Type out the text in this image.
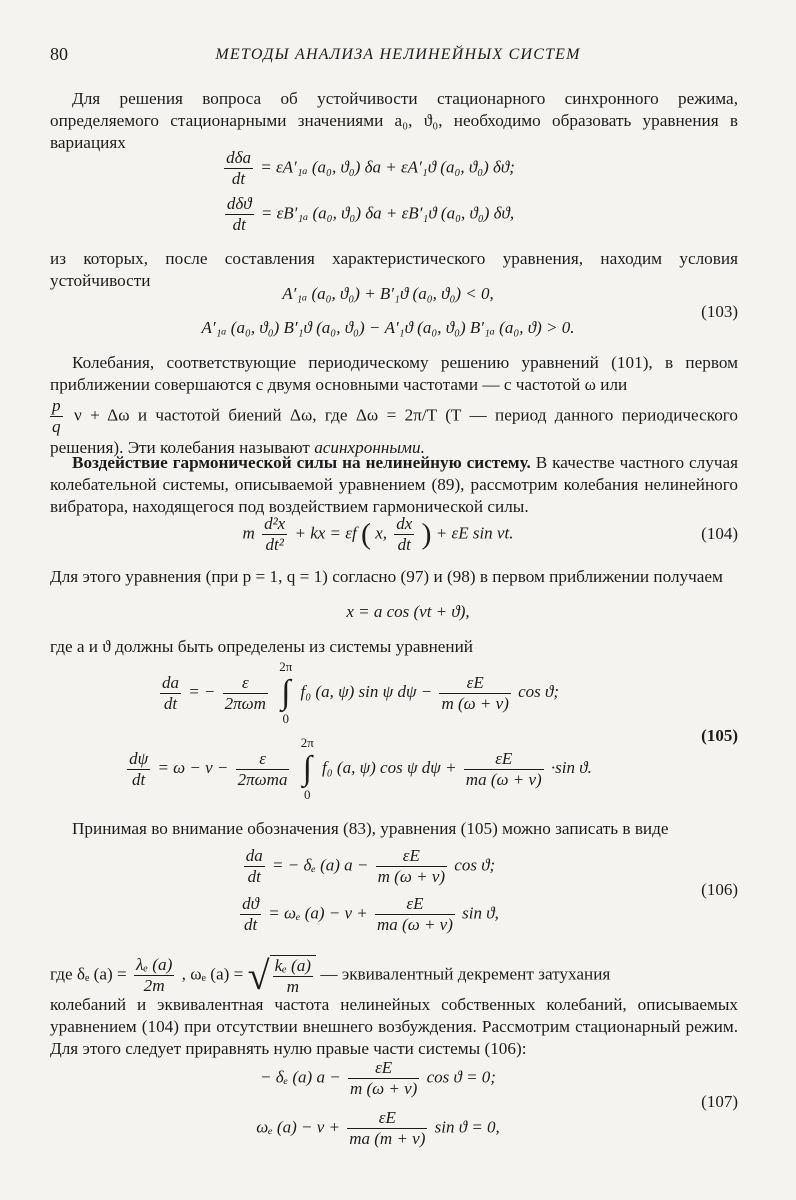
80	МЕТОДЫ АНАЛИЗА НЕЛИНЕЙНЫХ СИСТЕМ
Для решения вопроса об устойчивости стационарного синхронного режима, определяемого стационарными значениями a₀, ϑ₀, необходимо образовать уравнения в вариациях
$\frac{\text{dδa}}{dt} = \varepsilon A'_{1a}$ (a₀, ϑ₀) δa + εA′₁ϑ (a₀, ϑ₀) δϑ;
$\frac{\text{dδϑ}}{dt} = \varepsilon B'_{1a}$ (a₀, ϑ₀) δa + εB′₁ϑ (a₀, ϑ₀) δϑ,
из которых, после составления характеристического уравнения, находим условия устойчивости
A′₁ₐ (a₀, ϑ₀) + B′₁ϑ (a₀, ϑ₀) < 0,
A′₁ₐ (a₀, ϑ₀) B′₁ϑ (a₀, ϑ₀) − A′₁ϑ (a₀, ϑ₀) B′₁ₐ (a₀, ϑ) > 0.
(103)
Колебания, соответствующие периодическому решению уравнений (101), в первом приближении совершаются с двумя основными частотами — с частотой ω или
$\frac{p}{q}$ ν + Δω и частотой биений Δω, где Δω = 2π/T (T — период данного периодического решения). Эти колебания называют асинхронными.
Воздействие гармонической силы на нелинейную систему. В качестве частного случая колебательной системы, описываемой уравнением (89), рассмотрим колебания нелинейного вибратора, находящегося под воздействием гармонической силы.
m $\frac{\text{d²x}}{\text{dt²}}$ + kx = εf ( x, $\frac{dx}{dt}$ ) + εE sin νt.	(104)
Для этого уравнения (при p = 1, q = 1) согласно (97) и (98) в первом приближении получаем
x = a cos (νt + ϑ),
где a и ϑ должны быть определены из системы уравнений
$\frac{da}{dt}$ = − $\frac{\varepsilon}{\text{2πωm}}$

2π
∫
0
f₀ (a, ψ) sin ψ $d\psi - \frac{\varepsilon E}{m (\omega + \nu)}$ cos ϑ;
(105)
$\frac{d\psi}{dt} = \omega - \nu - \frac{\varepsilon}{\text{2πωma}}$

2π
∫
0
f₀ (a, ψ) cos ψ $d\psi + \frac{\varepsilon E}{ma (\omega + \nu)} \cdot\sin$ ϑ.
Принимая во внимание обозначения (83), уравнения (105) можно записать в виде
$\frac{da}{dt}$ = − δₑ (a) $a - \frac{\varepsilon E}{m (\omega + \nu)}$ cos ϑ;
(106)
$\frac{dϑ}{dt} = \omega_e$ $(a) - \nu + \frac{\varepsilon E}{ma (\omega + \nu)}$ sin ϑ,
где δₑ $(a) = \frac{\text{λₑ (a)}}{2m}$ , ωₑ (a) = √ $\frac{\text{kₑ (a)}}{m}$ — эквивалентный декремент затухания
колебаний и эквивалентная частота нелинейных собственных колебаний, описываемых уравнением (104) при отсутствии внешнего возбуждения. Рассмотрим стационарный режим. Для этого следует приравнять нулю правые части системы (106):
− δₑ (a) $a - \frac{\varepsilon E}{m (\omega + \nu)}$ cos ϑ = 0;
(107)
ωₑ $(a) - \nu + \frac{\varepsilon E}{ma (m + \nu)}$ sin ϑ = 0,
